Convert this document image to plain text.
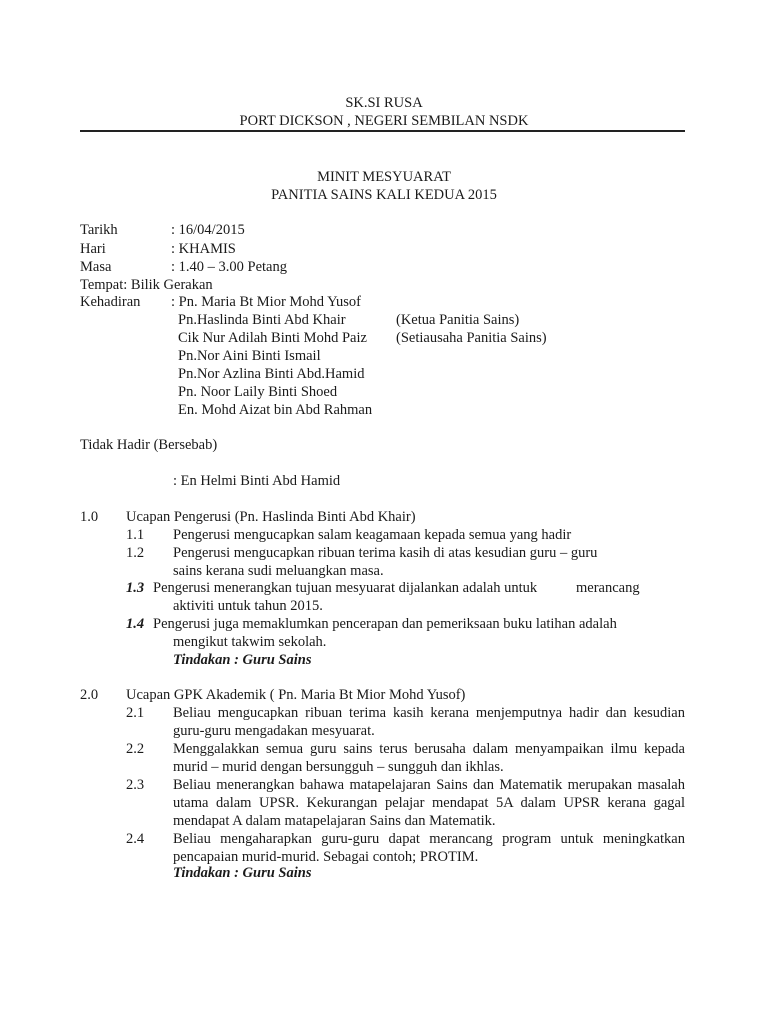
SK.SI RUSA
PORT DICKSON , NEGERI SEMBILAN NSDK
MINIT MESYUARAT
PANITIA SAINS KALI KEDUA 2015
Tarikh	: 16/04/2015
Hari	: KHAMIS
Masa	: 1.40 – 3.00 Petang
Tempat: Bilik Gerakan
Kehadiran : Pn. Maria Bt Mior Mohd Yusof
Pn.Haslinda Binti Abd Khair	(Ketua Panitia Sains)
Cik Nur Adilah Binti Mohd Paiz (Setiausaha Panitia Sains)
Pn.Nor Aini Binti Ismail
Pn.Nor Azlina Binti Abd.Hamid
Pn. Noor Laily Binti Shoed
En. Mohd Aizat bin Abd Rahman
Tidak Hadir (Bersebab)
: En Helmi Binti Abd Hamid
1.0 Ucapan Pengerusi (Pn. Haslinda Binti Abd Khair)
1.1 Pengerusi mengucapkan salam keagamaan kepada semua yang hadir
1.2 Pengerusi mengucapkan ribuan terima kasih di atas kesudian guru – guru
sains kerana sudi meluangkan masa.
1.3 Pengerusi menerangkan tujuan mesyuarat dijalankan adalah untuk	merancang
aktiviti untuk tahun 2015.
1.4 Pengerusi juga memaklumkan pencerapan dan pemeriksaan buku latihan adalah
mengikut takwim sekolah.
Tindakan : Guru Sains
2.0 Ucapan GPK Akademik ( Pn. Maria Bt Mior Mohd Yusof)
2.1 Beliau mengucapkan ribuan terima kasih kerana menjemputnya hadir dan kesudian guru-guru mengadakan mesyuarat.
2.2 Menggalakkan semua guru sains terus berusaha dalam menyampaikan ilmu kepada murid – murid dengan bersungguh – sungguh dan ikhlas.
2.3 Beliau menerangkan bahawa matapelajaran Sains dan Matematik merupakan masalah utama dalam UPSR. Kekurangan pelajar mendapat 5A dalam UPSR kerana gagal mendapat A dalam matapelajaran Sains dan Matematik.
2.4 Beliau mengaharapkan guru-guru dapat merancang program untuk meningkatkan pencapaian murid-murid. Sebagai contoh; PROTIM.
Tindakan : Guru Sains
